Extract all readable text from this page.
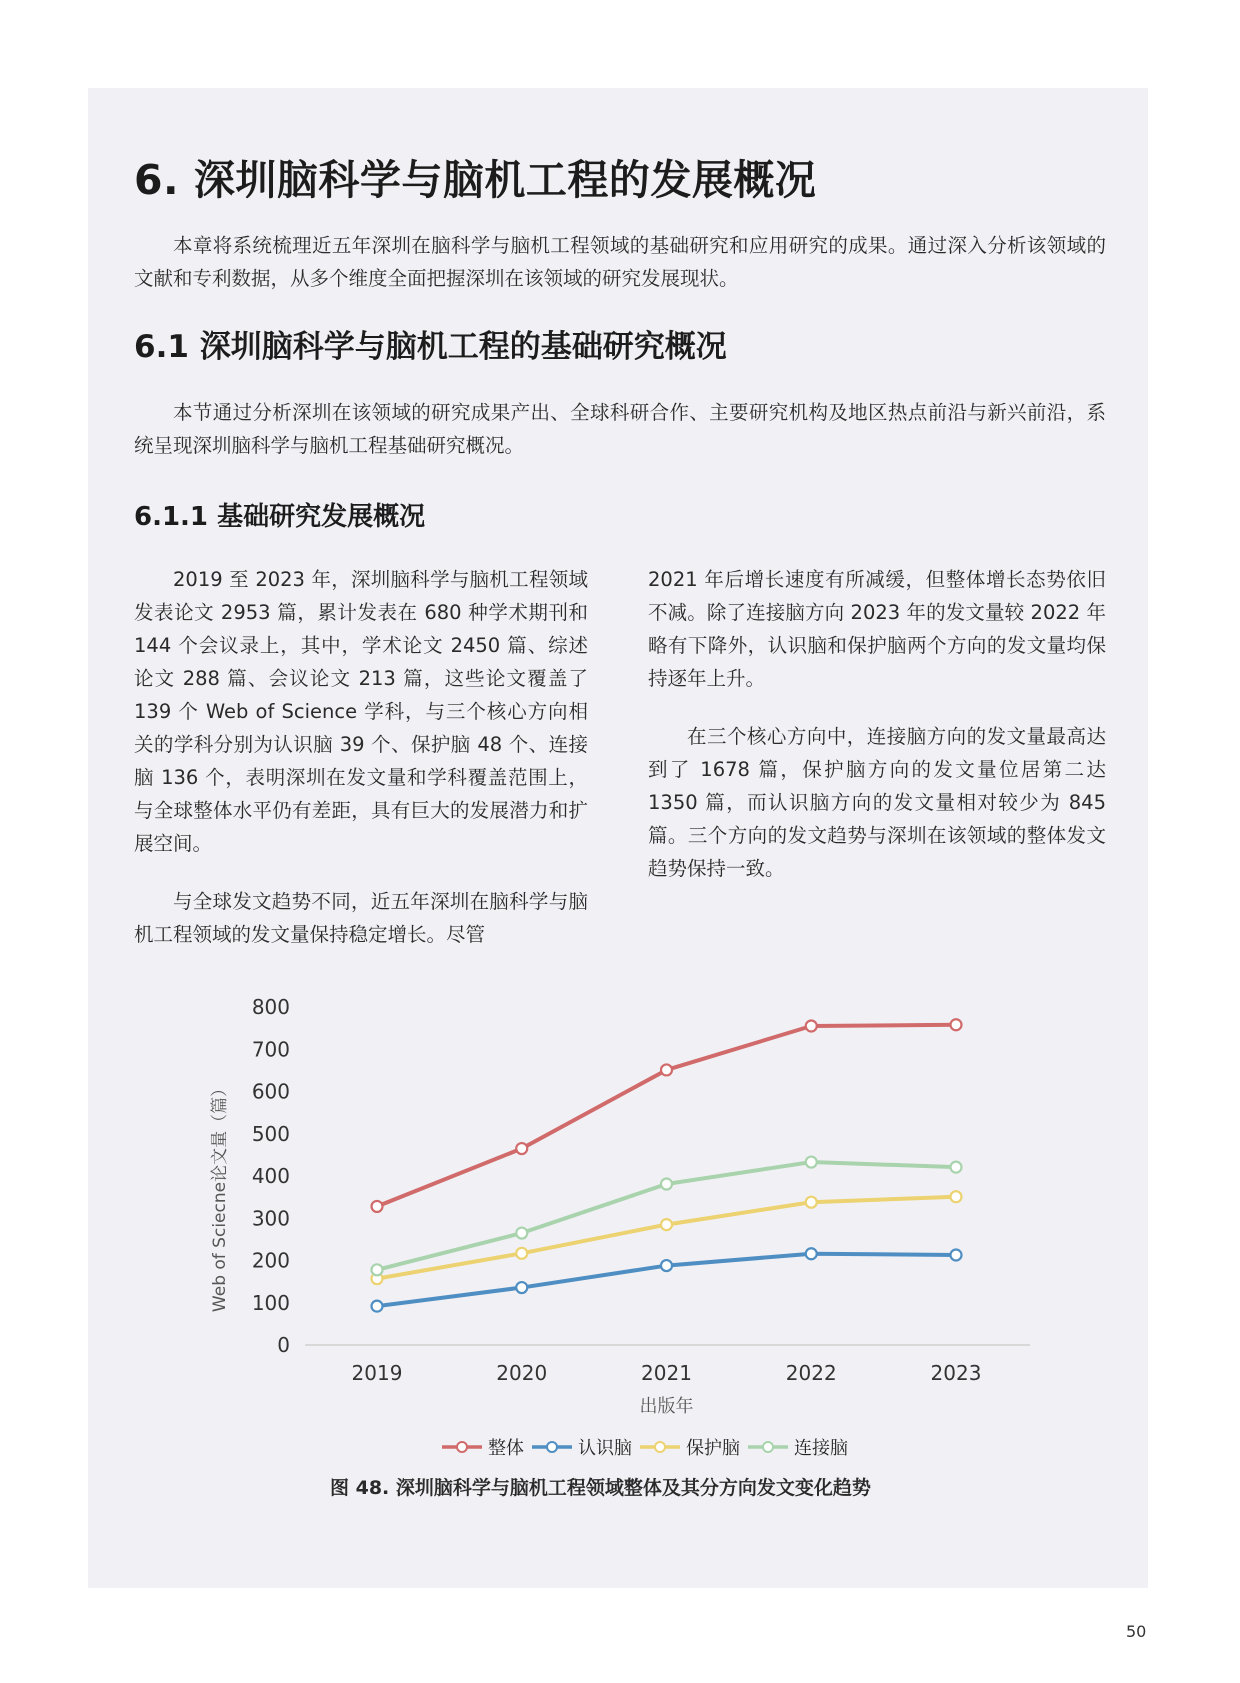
6. 深圳脑科学与脑机工程的发展概况

本章将系统梳理近五年深圳在脑科学与脑机工程领域的基础研究和应用研究的成果。通过深入分析该领域的文献和专利数据，从多个维度全面把握深圳在该领域的研究发展现状。

6.1 深圳脑科学与脑机工程的基础研究概况

本节通过分析深圳在该领域的研究成果产出、全球科研合作、主要研究机构及地区热点前沿与新兴前沿，系统呈现深圳脑科学与脑机工程基础研究概况。

6.1.1 基础研究发展概况

2019 至 2023 年，深圳脑科学与脑机工程领域发表论文 2953 篇，累计发表在 680 种学术期刊和 144 个会议录上，其中，学术论文 2450 篇、综述论文 288 篇、会议论文 213 篇，这些论文覆盖了 139 个 Web of Science 学科，与三个核心方向相关的学科分别为认识脑 39 个、保护脑 48 个、连接脑 136 个，表明深圳在发文量和学科覆盖范围上，与全球整体水平仍有差距，具有巨大的发展潜力和扩展空间。

与全球发文趋势不同，近五年深圳在脑科学与脑机工程领域的发文量保持稳定增长。尽管

2021 年后增长速度有所减缓，但整体增长态势依旧不减。除了连接脑方向 2023 年的发文量较 2022 年略有下降外，认识脑和保护脑两个方向的发文量均保持逐年上升。

在三个核心方向中，连接脑方向的发文量最高达到了 1678 篇，保护脑方向的发文量位居第二达 1350 篇，而认识脑方向的发文量相对较少为 845 篇。三个方向的发文趋势与深圳在该领域的整体发文趋势保持一致。

0
100
200
300
400
500
600
700
800
2019	2020	2021	2022	2023
出版年
Web of Sciecne论文量（篇）
整体	认识脑	保护脑	连接脑
图 48. 深圳脑科学与脑机工程领域整体及其分方向发文变化趋势
50
